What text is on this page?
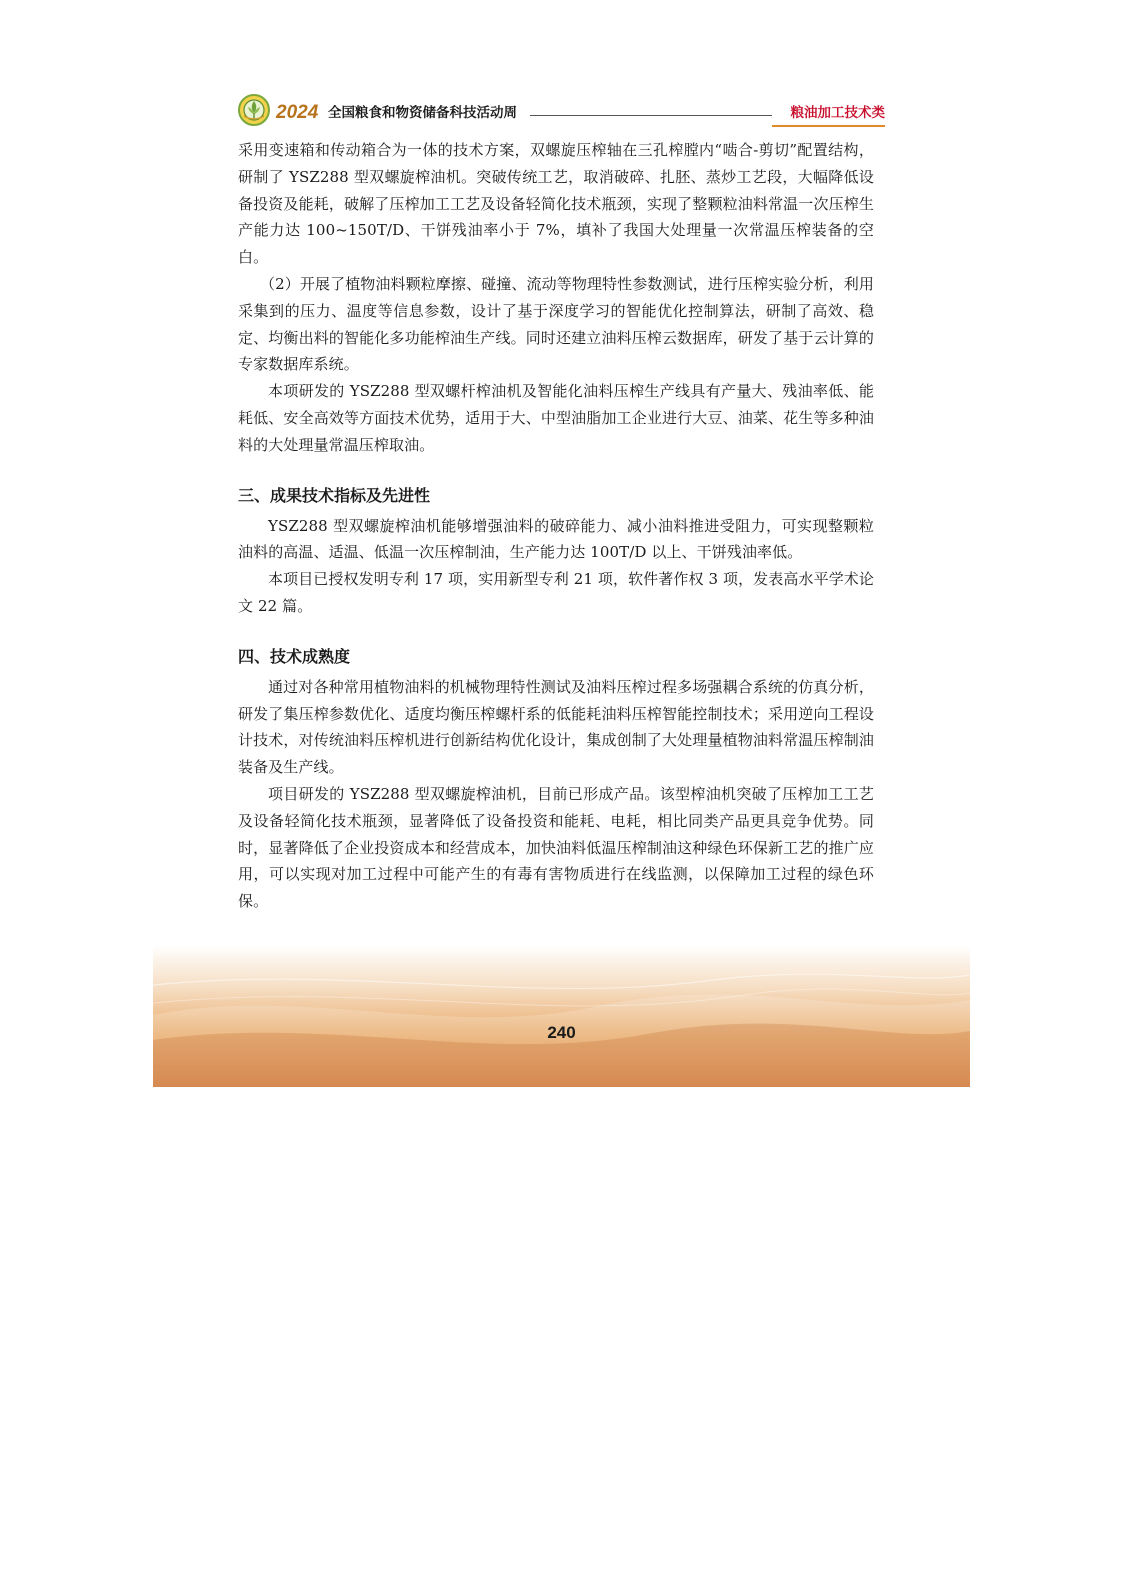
2024 全国粮食和物资储备科技活动周	粮油加工技术类

采用变速箱和传动箱合为一体的技术方案，双螺旋压榨轴在三孔榨膛内“啮合-剪切”配置结构，研制了 YSZ288 型双螺旋榨油机。突破传统工艺，取消破碎、扎胚、蒸炒工艺段，大幅降低设备投资及能耗，破解了压榨加工工艺及设备轻简化技术瓶颈，实现了整颗粒油料常温一次压榨生产能力达 100~150T/D、干饼残油率小于 7%，填补了我国大处理量一次常温压榨装备的空白。

（2）开展了植物油料颗粒摩擦、碰撞、流动等物理特性参数测试，进行压榨实验分析，利用采集到的压力、温度等信息参数，设计了基于深度学习的智能优化控制算法，研制了高效、稳定、均衡出料的智能化多功能榨油生产线。同时还建立油料压榨云数据库，研发了基于云计算的专家数据库系统。

本项研发的 YSZ288 型双螺杆榨油机及智能化油料压榨生产线具有产量大、残油率低、能耗低、安全高效等方面技术优势，适用于大、中型油脂加工企业进行大豆、油菜、花生等多种油料的大处理量常温压榨取油。

三、成果技术指标及先进性

YSZ288 型双螺旋榨油机能够增强油料的破碎能力、减小油料推进受阻力，可实现整颗粒油料的高温、适温、低温一次压榨制油，生产能力达 100T/D 以上、干饼残油率低。

本项目已授权发明专利 17 项，实用新型专利 21 项，软件著作权 3 项，发表高水平学术论文 22 篇。

四、技术成熟度

通过对各种常用植物油料的机械物理特性测试及油料压榨过程多场强耦合系统的仿真分析，研发了集压榨参数优化、适度均衡压榨螺杆系的低能耗油料压榨智能控制技术；采用逆向工程设计技术，对传统油料压榨机进行创新结构优化设计，集成创制了大处理量植物油料常温压榨制油装备及生产线。

项目研发的 YSZ288 型双螺旋榨油机，目前已形成产品。该型榨油机突破了压榨加工工艺及设备轻简化技术瓶颈，显著降低了设备投资和能耗、电耗，相比同类产品更具竞争优势。同时，显著降低了企业投资成本和经营成本，加快油料低温压榨制油这种绿色环保新工艺的推广应用，可以实现对加工过程中可能产生的有毒有害物质进行在线监测，以保障加工过程的绿色环保。

240
